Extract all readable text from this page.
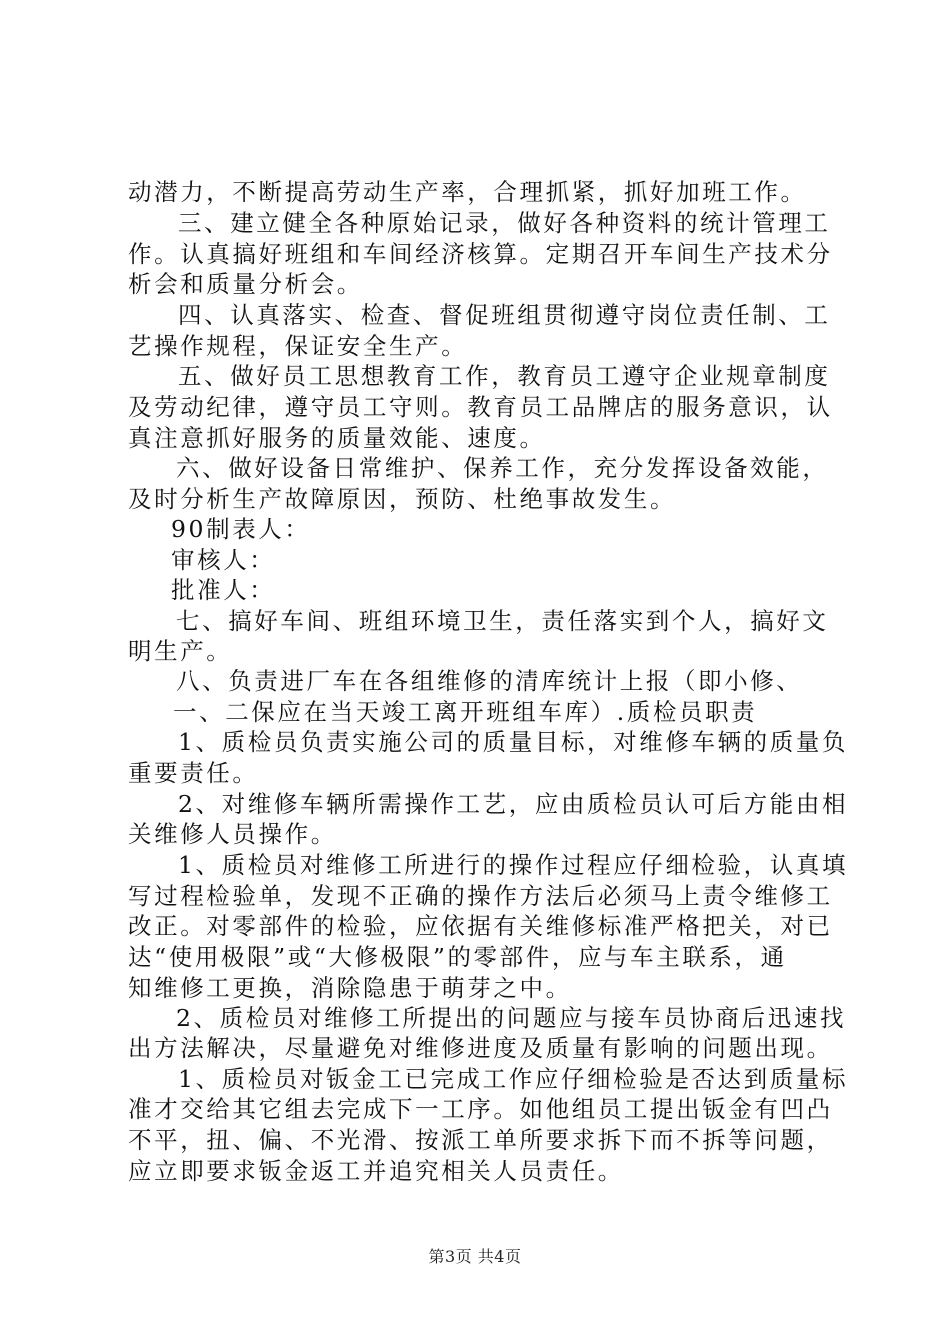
动潜力，不断提高劳动生产率，合理抓紧，抓好加班工作。
三、建立健全各种原始记录，做好各种资料的统计管理工
作。认真搞好班组和车间经济核算。定期召开车间生产技术分
析会和质量分析会。
四、认真落实、检查、督促班组贯彻遵守岗位责任制、工
艺操作规程，保证安全生产。
五、做好员工思想教育工作，教育员工遵守企业规章制度
及劳动纪律，遵守员工守则。教育员工品牌店的服务意识，认
真注意抓好服务的质量效能、速度。
六、做好设备日常维护、保养工作，充分发挥设备效能，
及时分析生产故障原因，预防、杜绝事故发生。
90制表人：
审核人：
批准人：
七、搞好车间、班组环境卫生，责任落实到个人，搞好文
明生产。
八、负责进厂车在各组维修的清库统计上报（即小修、
一、二保应在当天竣工离开班组车库）.质检员职责
1、质检员负责实施公司的质量目标，对维修车辆的质量负
重要责任。
2、对维修车辆所需操作工艺，应由质检员认可后方能由相
关维修人员操作。
1、质检员对维修工所进行的操作过程应仔细检验，认真填
写过程检验单，发现不正确的操作方法后必须马上责令维修工
改正。对零部件的检验，应依据有关维修标准严格把关，对已
达“使用极限”或“大修极限”的零部件，应与车主联系，通
知维修工更换，消除隐患于萌芽之中。
2、质检员对维修工所提出的问题应与接车员协商后迅速找
出方法解决，尽量避免对维修进度及质量有影响的问题出现。
1、质检员对钣金工已完成工作应仔细检验是否达到质量标
准才交给其它组去完成下一工序。如他组员工提出钣金有凹凸
不平，扭、偏、不光滑、按派工单所要求拆下而不拆等问题，
应立即要求钣金返工并追究相关人员责任。
第3页 共4页
